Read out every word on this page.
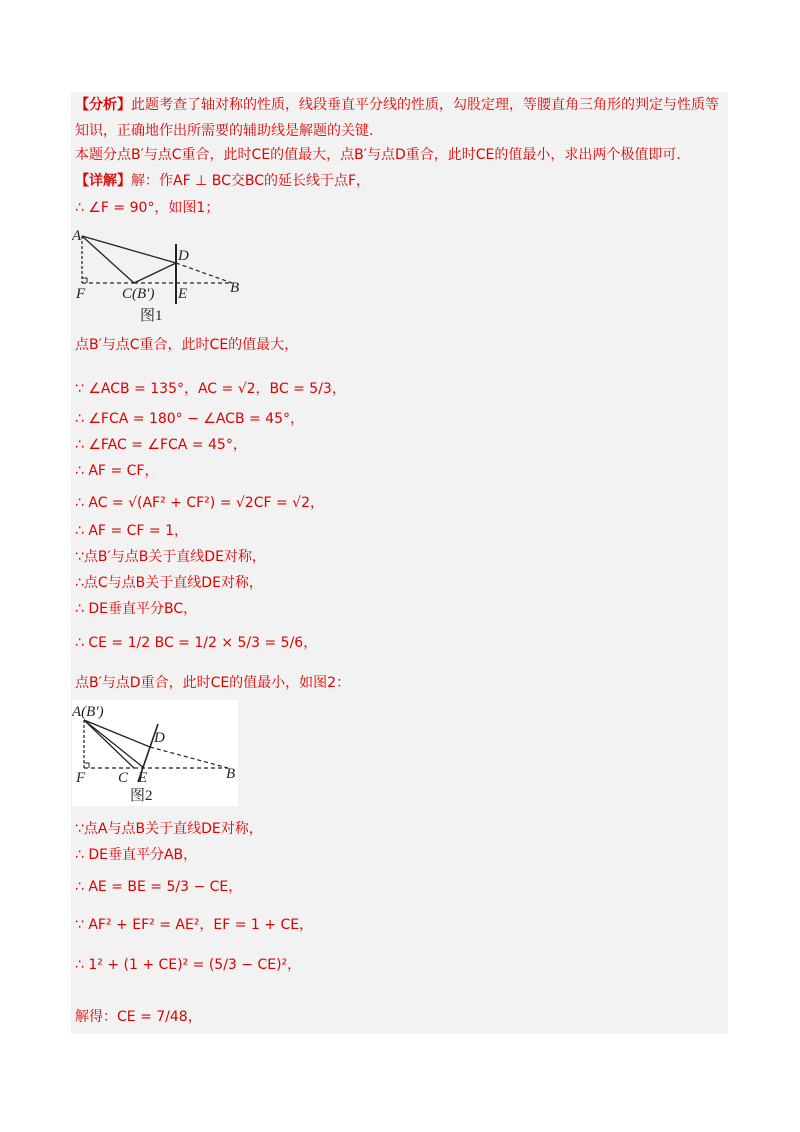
【分析】此题考查了轴对称的性质，线段垂直平分线的性质，勾股定理，等腰直角三角形的判定与性质等
知识，正确地作出所需要的辅助线是解题的关键.
本题分点B′与点C重合，此时CE的值最大，点B′与点D重合，此时CE的值最小，求出两个极值即可.
【详解】解：作AF ⊥ BC交BC的延长线于点F，
∴ ∠F = 90°，如图1；
A
D
F C(B′) E	B
图1
点B′与点C重合，此时CE的值最大，
∵ ∠ACB = 135°，AC = √2，BC = 5/3，
∴ ∠FCA = 180° − ∠ACB = 45°，
∴ ∠FAC = ∠FCA = 45°，
∴ AF = CF，
∴ AC = √(AF² + CF²) = √2CF = √2，
∴ AF = CF = 1，
∵点B′与点B关于直线DE对称，
∴点C与点B关于直线DE对称，
∴ DE垂直平分BC，
∴ CE = 1/2 BC = 1/2 × 5/3 = 5/6，
点B′与点D重合，此时CE的值最小，如图2：
A(B′)
D
F C E	B
图2
∵点A与点B关于直线DE对称，
∴ DE垂直平分AB，
∴ AE = BE = 5/3 − CE，
∵ AF² + EF² = AE²，EF = 1 + CE，
∴ 1² + (1 + CE)² = (5/3 − CE)²，
解得：CE = 7/48，
